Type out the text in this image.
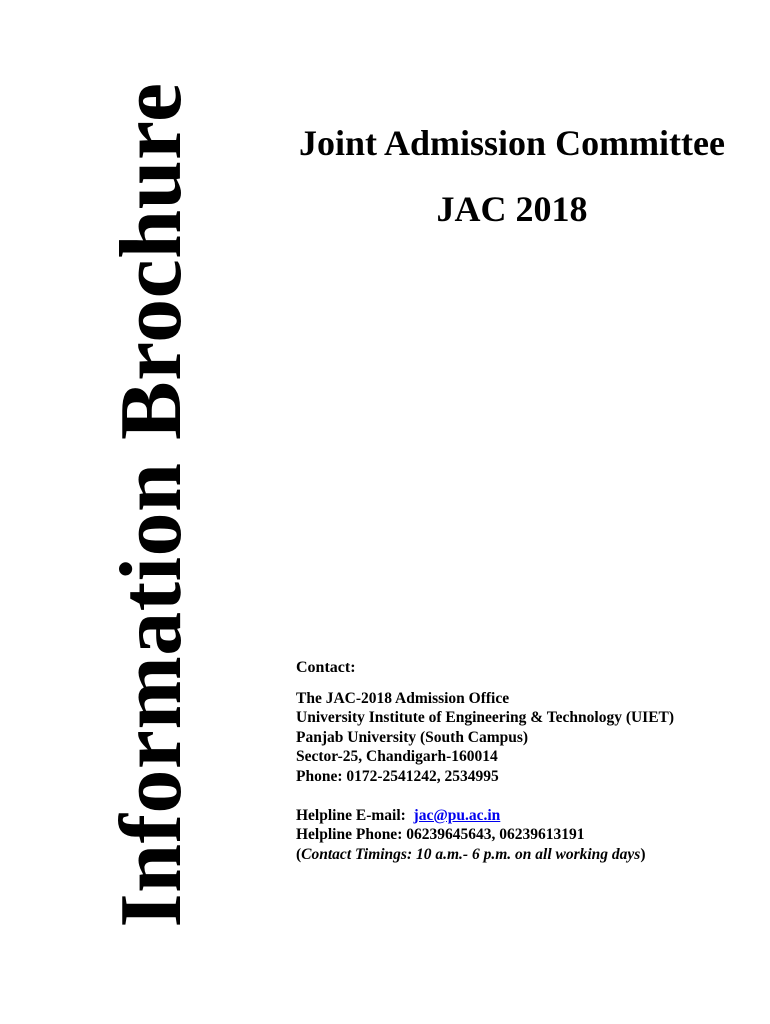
Information Brochure	Joint Admission Committee
JAC 2018
Contact:
The JAC-2018 Admission Office
University Institute of Engineering & Technology (UIET)
Panjab University (South Campus)
Sector-25, Chandigarh-160014
Phone: 0172-2541242, 2534995
Helpline E-mail: jac@pu.ac.in
Helpline Phone: 06239645643, 06239613191
(Contact Timings: 10 a.m.- 6 p.m. on all working days)
